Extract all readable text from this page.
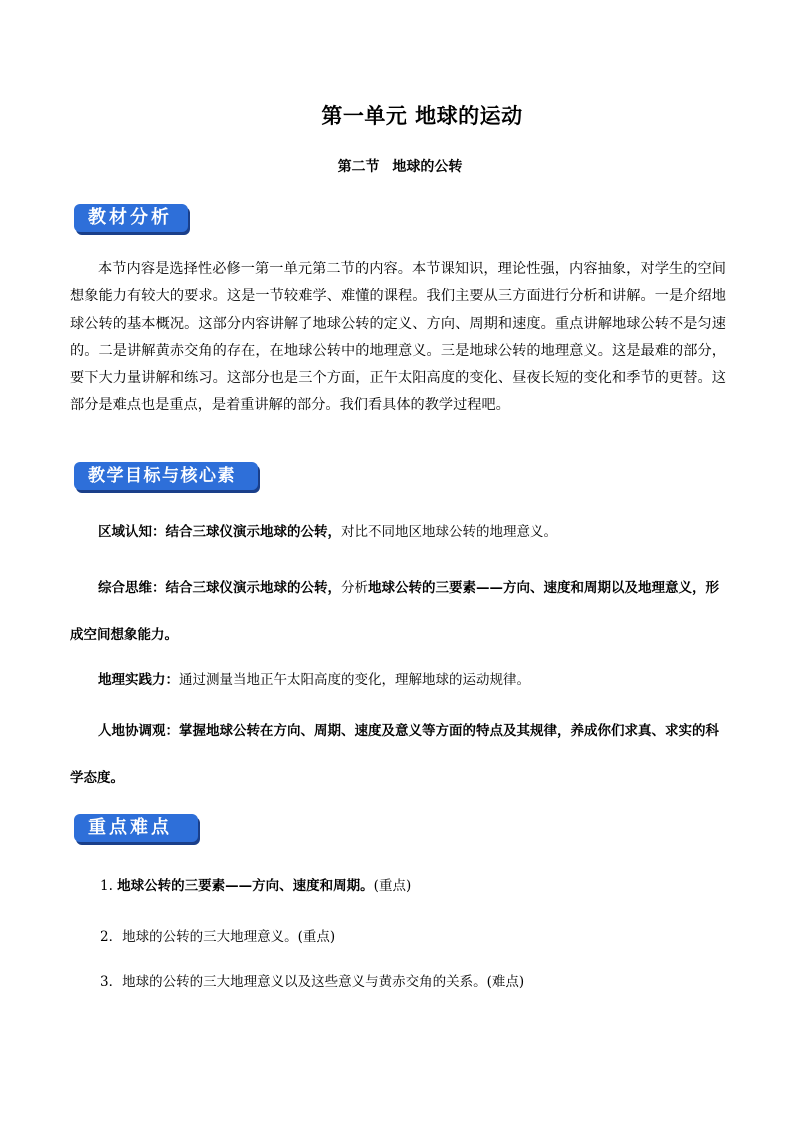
第一单元 地球的运动
第二节 地球的公转
教材分析
本节内容是选择性必修一第一单元第二节的内容。本节课知识，理论性强，内容抽象，对学生的空间想象能力有较大的要求。这是一节较难学、难懂的课程。我们主要从三方面进行分析和讲解。一是介绍地球公转的基本概况。这部分内容讲解了地球公转的定义、方向、周期和速度。重点讲解地球公转不是匀速的。二是讲解黄赤交角的存在，在地球公转中的地理意义。三是地球公转的地理意义。这是最难的部分，要下大力量讲解和练习。这部分也是三个方面，正午太阳高度的变化、昼夜长短的变化和季节的更替。这部分是难点也是重点，是着重讲解的部分。我们看具体的教学过程吧。
教学目标与核心素养
区域认知：结合三球仪演示地球的公转，对比不同地区地球公转的地理意义。
综合思维：结合三球仪演示地球的公转，分析地球公转的三要素——方向、速度和周期以及地理意义，形成空间想象能力。
地理实践力：通过测量当地正午太阳高度的变化，理解地球的运动规律。
人地协调观：掌握地球公转在方向、周期、速度及意义等方面的特点及其规律，养成你们求真、求实的科学态度。
重点难点
1. 地球公转的三要素——方向、速度和周期。(重点)
2．地球的公转的三大地理意义。(重点)
3．地球的公转的三大地理意义以及这些意义与黄赤交角的关系。(难点)
